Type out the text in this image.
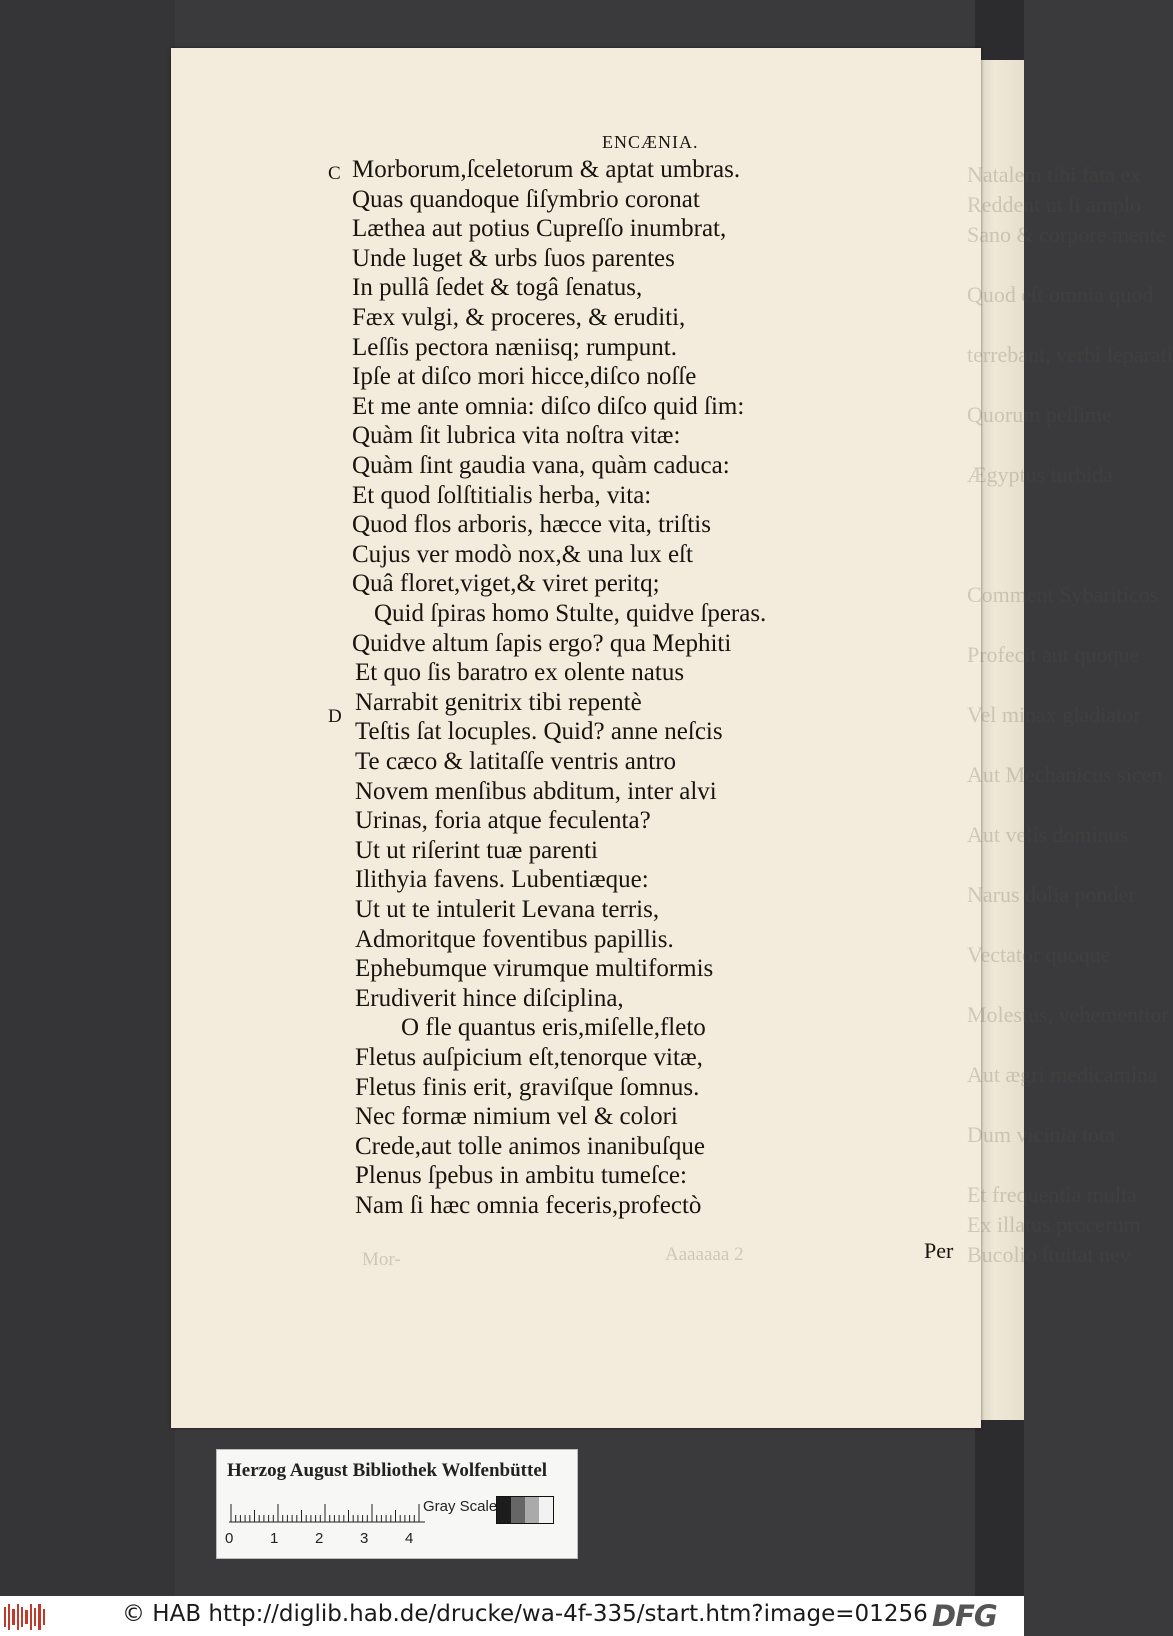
Natalem tibi fata ex
Reddent ut ſi amplo
Sano & corpore mente
Quod eſt omnia quod
terrebant, verbi ſeparati
Quorum peſſime
Ægyptus turbida
Comment Sybariticos
Profecit aut quoque
Vel minax gladiator
Aut Mechanicus sicen
Aut velis dominus
Narus dolia ponder
Vectator quoque
Molestus, vehementior
Aut ægri medicamina
Dum vicinia tota
Et frequentia multa
Ex illatus procerum
Bucolio ſtuitat nev
ENCÆNIA.
C
D
Morborum,ſceletorum & aptat umbras.
Quas quandoque ſiſymbrio coronat
Læthea aut potius Cupreſſo inumbrat,
Unde luget & urbs ſuos parentes
In pullâ ſedet & togâ ſenatus,
Fæx vulgi, & proceres, & eruditi,
Leſſis pectora næniisq; rumpunt.
Ipſe at diſco mori hicce,diſco noſſe
Et me ante omnia: diſco diſco quid ſim:
Quàm ſit lubrica vita noſtra vitæ:
Quàm ſint gaudia vana, quàm caduca:
Et quod ſolſtitialis herba, vita:
Quod flos arboris, hæcce vita, triſtis
Cujus ver modò nox,& una lux eſt
Quâ floret,viget,& viret peritq;
Quid ſpiras homo Stulte, quidve ſperas.
Quidve altum ſapis ergo? qua Mephiti
Et quo ſis baratro ex olente natus
Narrabit genitrix tibi repentè
Teſtis ſat locuples. Quid? anne neſcis
Te cæco & latitaſſe ventris antro
Novem menſibus abditum, inter alvi
Urinas, foria atque feculenta?
Ut ut riſerint tuæ parenti
Ilithyia favens. Lubentiæque:
Ut ut te intulerit Levana terris,
Admoritque foventibus papillis.
Ephebumque virumque multiformis
Erudiverit hince diſciplina,
O fle quantus eris,miſelle,fleto
Fletus auſpicium eſt,tenorque vitæ,
Fletus finis erit, graviſque ſomnus.
Nec formæ nimium vel & colori
Crede,aut tolle animos inanibuſque
Plenus ſpebus in ambitu tumeſce:
Nam ſi hæc omnia feceris,profectò
Per
Aaaaaaa 2
Mor-
Herzog August Bibliothek Wolfenbüttel
Gray Scale
0 1 2 3 4
© HAB http://diglib.hab.de/drucke/wa-4f-335/start.htm?image=01256 DFG
